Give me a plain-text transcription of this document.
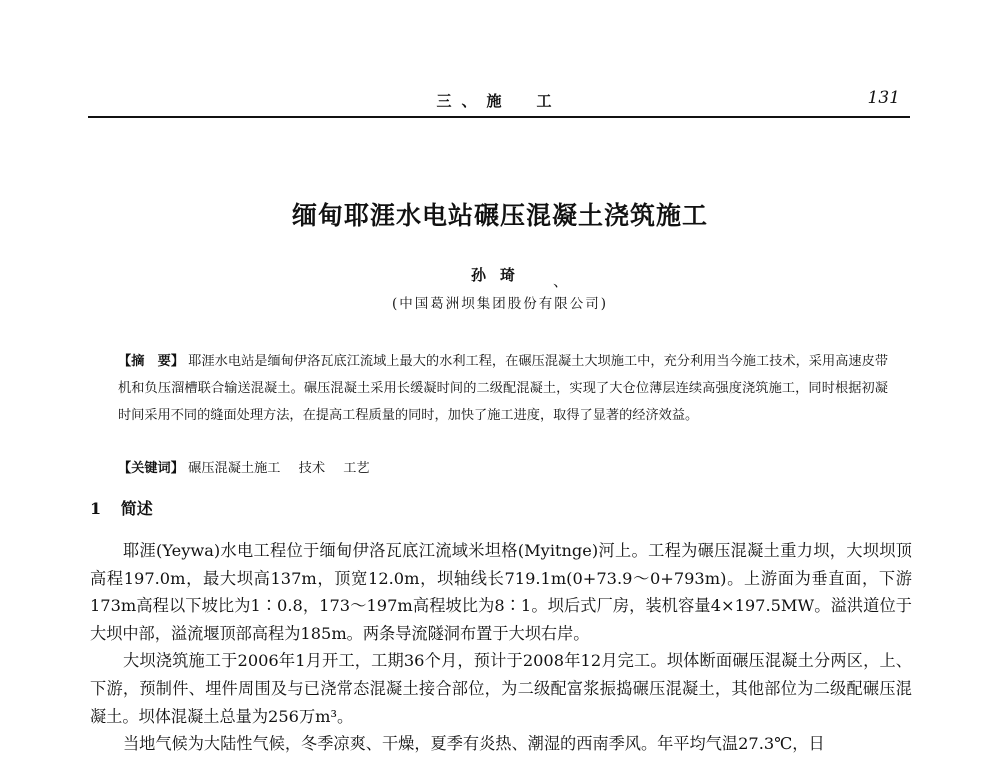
三、施　工	131
缅甸耶涯水电站碾压混凝土浇筑施工
孙琦	、
(中国葛洲坝集团股份有限公司)
【摘　要】 耶涯水电站是缅甸伊洛瓦底江流域上最大的水利工程，在碾压混凝土大坝施工中，充分利用当今施工技术，采用高速皮带机和负压溜槽联合输送混凝土。碾压混凝土采用长缓凝时间的二级配混凝土，实现了大仓位薄层连续高强度浇筑施工，同时根据初凝时间采用不同的缝面处理方法，在提高工程质量的同时，加快了施工进度，取得了显著的经济效益。
【关键词】 碾压混凝土施工 技术 工艺
1 简述

耶涯(Yeywa)水电工程位于缅甸伊洛瓦底江流域米坦格(Myitnge)河上。工程为碾压混凝土重力坝，大坝坝顶高程197.0m，最大坝高137m，顶宽12.0m，坝轴线长719.1m(0+73.9～0+793m)。上游面为垂直面，下游173m高程以下坡比为1∶0.8，173～197m高程坡比为8∶1。坝后式厂房，装机容量4×197.5MW。溢洪道位于大坝中部，溢流堰顶部高程为185m。两条导流隧洞布置于大坝右岸。

大坝浇筑施工于2006年1月开工，工期36个月，预计于2008年12月完工。坝体断面碾压混凝土分两区，上、下游，预制件、埋件周围及与已浇常态混凝土接合部位，为二级配富浆振捣碾压混凝土，其他部位为二级配碾压混凝土。坝体混凝土总量为256万m³。

当地气候为大陆性气候，冬季凉爽、干燥，夏季有炎热、潮湿的西南季风。年平均气温27.3℃，日
